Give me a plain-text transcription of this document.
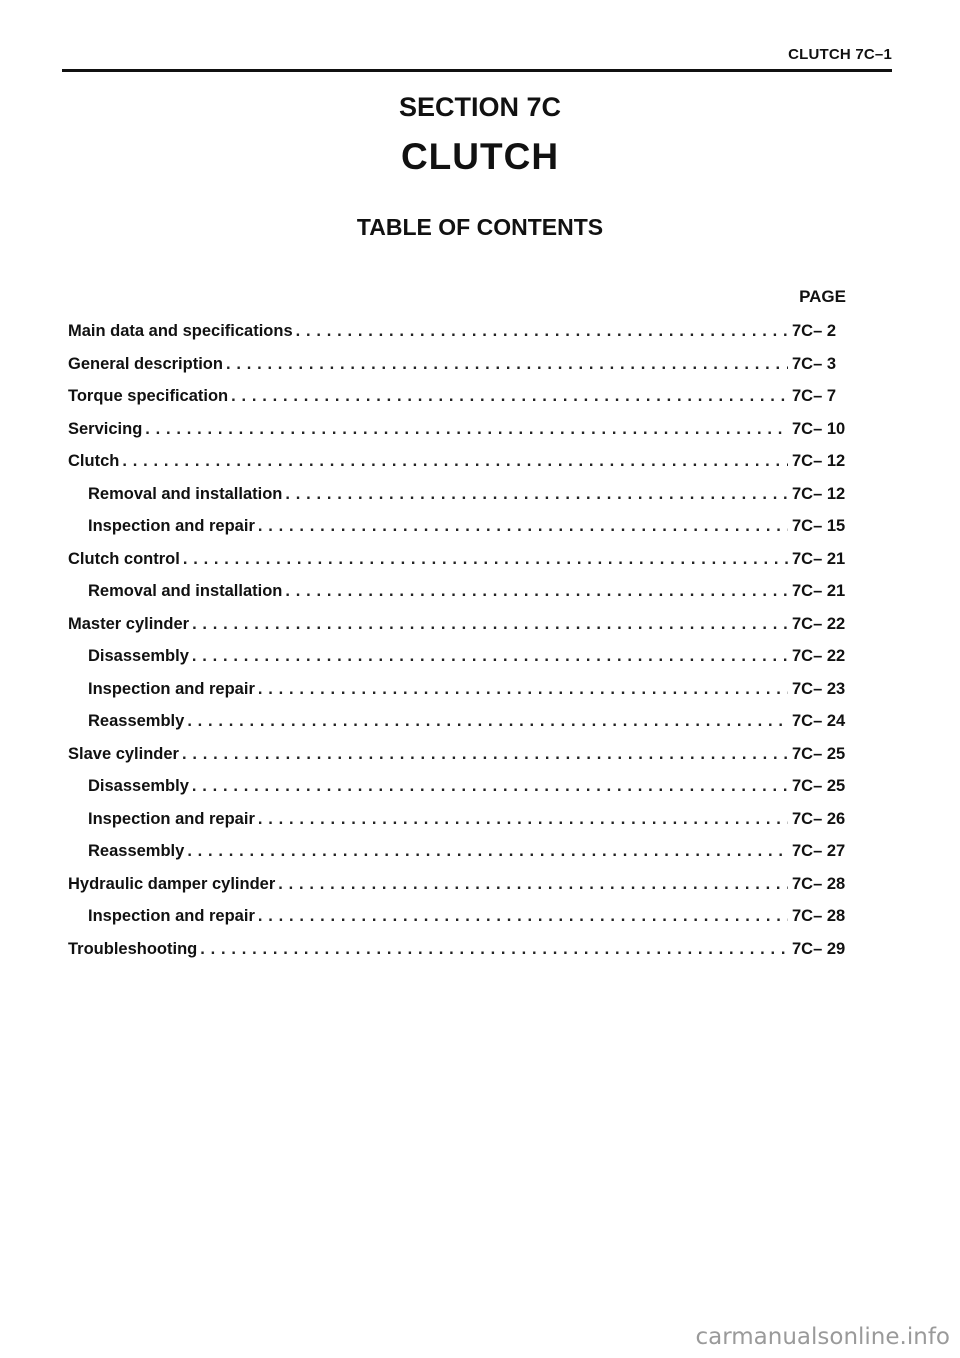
CLUTCH 7C–1
SECTION 7C
CLUTCH
TABLE OF CONTENTS
PAGE
Main data and specifications . . .	7C– 2
General description . . .	7C– 3
Torque specification . . .	7C– 7
Servicing . . .	7C– 10
Clutch . . .	7C– 12
Removal and installation . . .	7C– 12
Inspection and repair . . .	7C– 15
Clutch control . . .	7C– 21
Removal and installation . . .	7C– 21
Master cylinder . . .	7C– 22
Disassembly . . .	7C– 22
Inspection and repair . . .	7C– 23
Reassembly . . .	7C– 24
Slave cylinder . . .	7C– 25
Disassembly . . .	7C– 25
Inspection and repair . . .	7C– 26
Reassembly . . .	7C– 27
Hydraulic damper cylinder . . .	7C– 28
Inspection and repair . . .	7C– 28
Troubleshooting . . .	7C– 29
carmanualsonline.info
